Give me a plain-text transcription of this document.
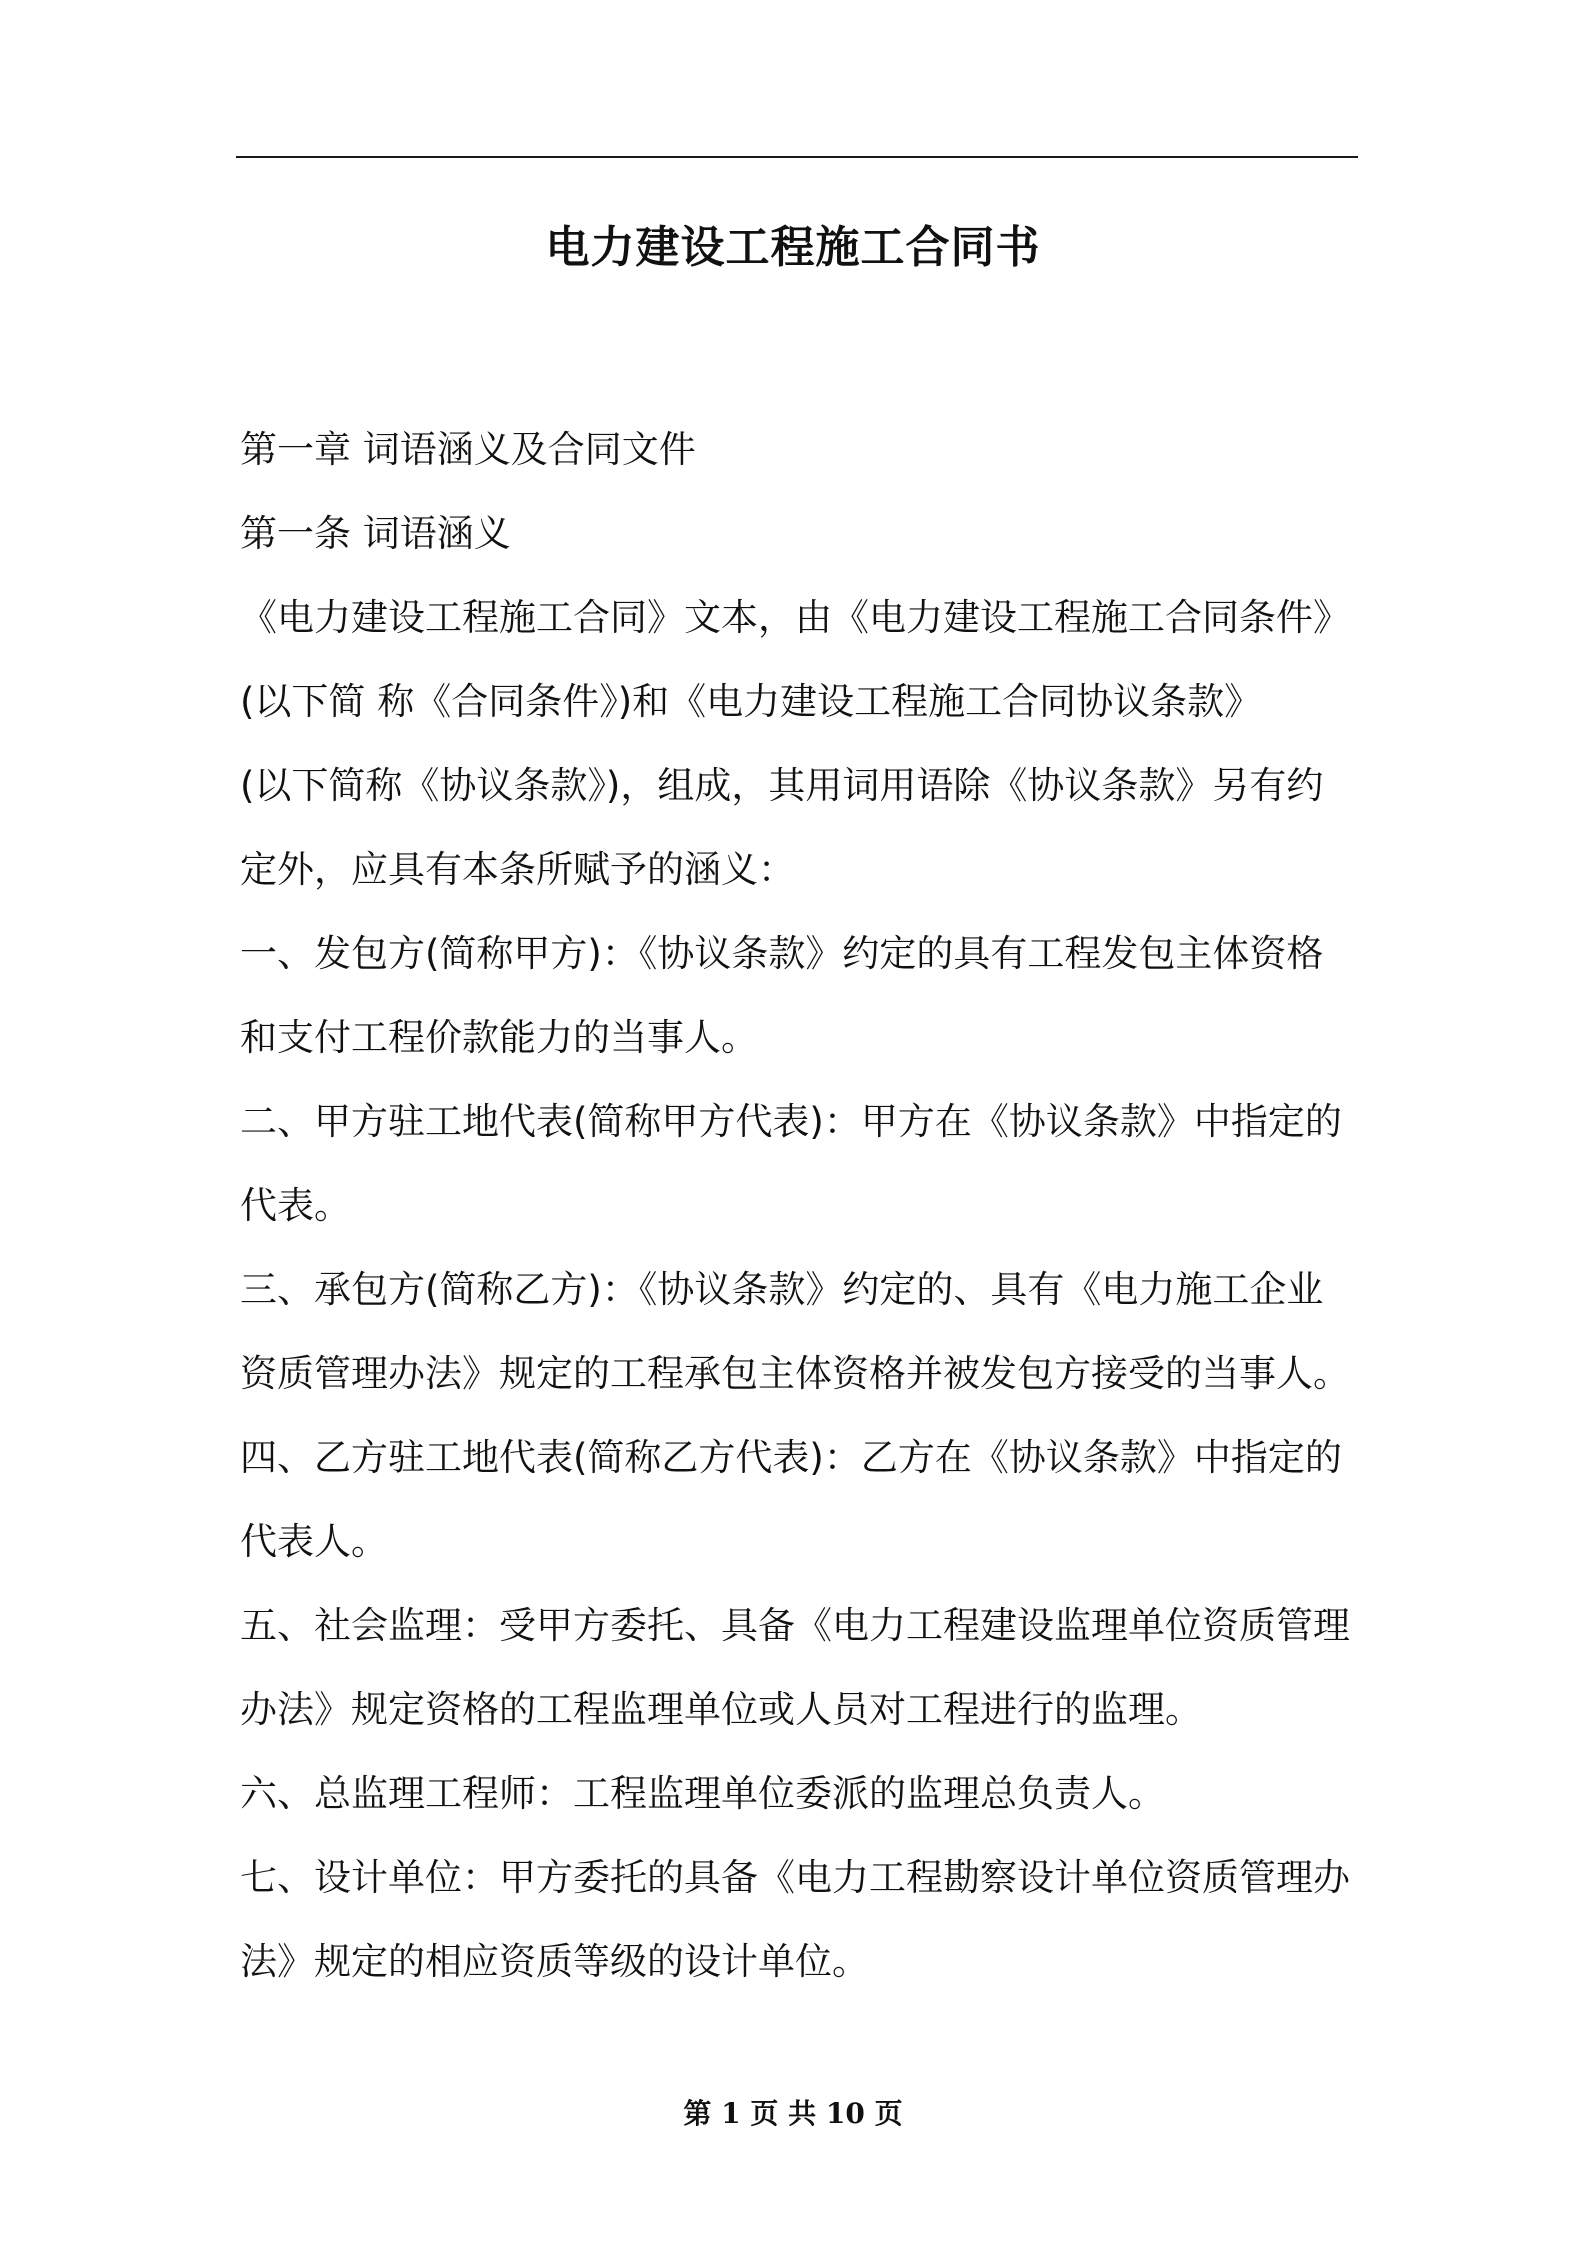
电力建设工程施工合同书
第一章 词语涵义及合同文件
第一条 词语涵义
《电力建设工程施工合同》文本，由《电力建设工程施工合同条件》
(以下简 称《合同条件》)和《电力建设工程施工合同协议条款》
(以下简称《协议条款》)，组成，其用词用语除《协议条款》另有约
定外，应具有本条所赋予的涵义：
一、发包方(简称甲方)：《协议条款》约定的具有工程发包主体资格
和支付工程价款能力的当事人。
二、甲方驻工地代表(简称甲方代表)：甲方在《协议条款》中指定的
代表。
三、承包方(简称乙方)：《协议条款》约定的、具有《电力施工企业
资质管理办法》规定的工程承包主体资格并被发包方接受的当事人。
四、乙方驻工地代表(简称乙方代表)：乙方在《协议条款》中指定的
代表人。
五、社会监理：受甲方委托、具备《电力工程建设监理单位资质管理
办法》规定资格的工程监理单位或人员对工程进行的监理。
六、总监理工程师：工程监理单位委派的监理总负责人。
七、设计单位：甲方委托的具备《电力工程勘察设计单位资质管理办
法》规定的相应资质等级的设计单位。
第 1 页 共 10 页
